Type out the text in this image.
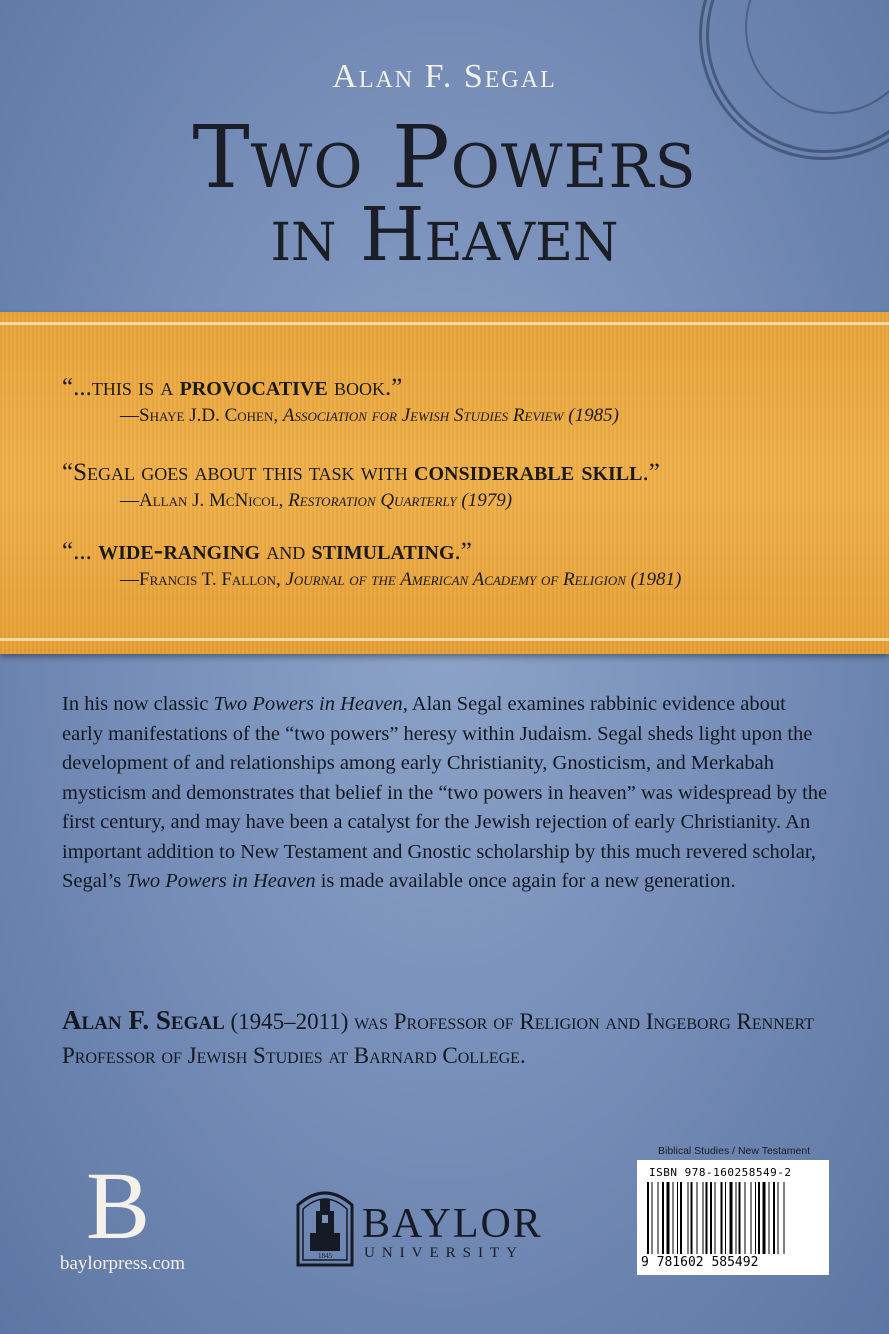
Alan F. Segal
Two Powers
in Heaven
“...this is a provocative book.”
—Shaye J.D. Cohen, Association for Jewish Studies Review (1985)
“Segal goes about this task with considerable skill.”
—Allan J. McNicol, Restoration Quarterly (1979)
“... wide-ranging and stimulating.”
—Francis T. Fallon, Journal of the American Academy of Religion (1981)
In his now classic Two Powers in Heaven, Alan Segal examines rabbinic evidence about early manifestations of the “two powers” heresy within Judaism. Segal sheds light upon the development of and relationships among early Christianity, Gnosticism, and Merkabah mysticism and demonstrates that belief in the “two powers in heaven” was widespread by the first century, and may have been a catalyst for the Jewish rejection of early Christianity. An important addition to New Testament and Gnostic scholarship by this much revered scholar, Segal’s Two Powers in Heaven is made available once again for a new generation.
Alan F. Segal (1945–2011) was Professor of Religion and Ingeborg Rennert Professor of Jewish Studies at Barnard College.
B
baylorpress.com	1845
BAYLOR
UNIVERSITY
Biblical Studies / New Testament
ISBN 978-160258549-2
9 781602 585492
